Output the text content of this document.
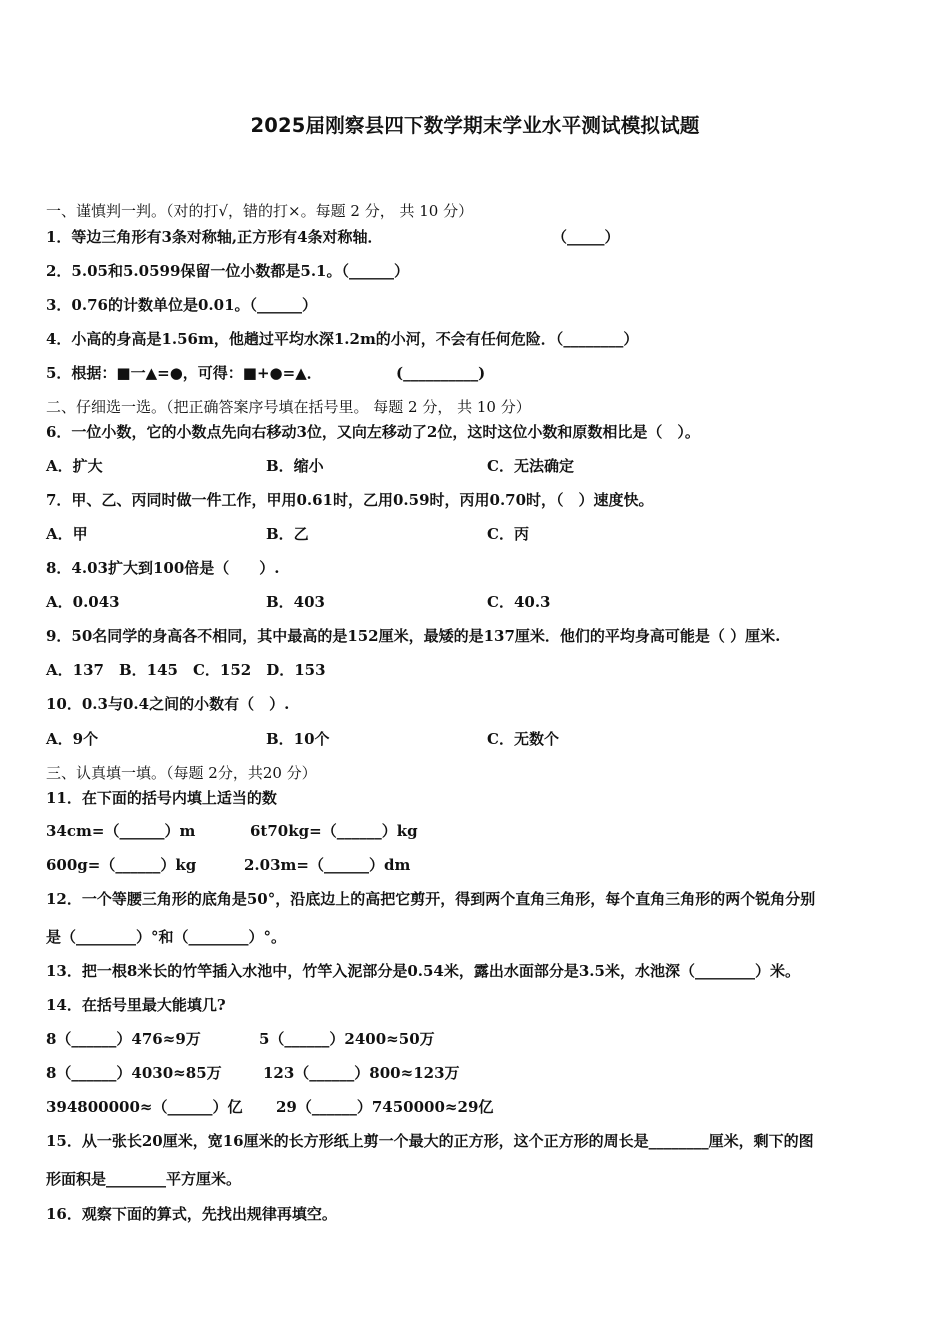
2025届刚察县四下数学期末学业水平测试模拟试题
一、谨慎判一判。（对的打√，错的打×。每题 2 分， 共 10 分）
1．等边三角形有3条对称轴,正方形有4条对称轴．	（_____）
2．5.05和5.0599保留一位小数都是5.1。（______）
3．0.76的计数单位是0.01。（______）
4．小高的身高是1.56m，他趟过平均水深1.2m的小河，不会有任何危险．（________）
5．根据：■一▲=●，可得：■+●=▲．	(__________)
二、仔细选一选。（把正确答案序号填在括号里。 每题 2 分， 共 10 分）
6．一位小数，它的小数点先向右移动3位，又向左移动了2位，这时这位小数和原数相比是（　）。
A．扩大	B．缩小	C．无法确定
7．甲、乙、丙同时做一件工作，甲用0.61时，乙用0.59时，丙用0.70时，（　）速度快。
A．甲	B．乙	C．丙
8．4.03扩大到100倍是（　　）.
A．0.043	B．403	C．40.3
9．50名同学的身高各不相同，其中最高的是152厘米，最矮的是137厘米．他们的平均身高可能是（ ）厘米.
A．137　B．145　C．152　D．153
10．0.3与0.4之间的小数有（　）.
A．9个	B．10个	C．无数个
三、认真填一填。（每题 2分，共20 分）
11．在下面的括号内填上适当的数
34cm=（______）m	6t70kg=（______）kg
600g=（______）kg	2.03m=（______）dm
12．一个等腰三角形的底角是50°，沿底边上的高把它剪开，得到两个直角三角形，每个直角三角形的两个锐角分别
是（________）°和（________）°。
13．把一根8米长的竹竿插入水池中，竹竿入泥部分是0.54米，露出水面部分是3.5米，水池深（________）米。
14．在括号里最大能填几?
8（______）476≈9万	5（______）2400≈50万
8（______）4030≈85万	123（______）800≈123万
394800000≈（______）亿 29（______）7450000≈29亿
15．从一张长20厘米，宽16厘米的长方形纸上剪一个最大的正方形，这个正方形的周长是________厘米，剩下的图
形面积是________平方厘米。
16．观察下面的算式，先找出规律再填空。
